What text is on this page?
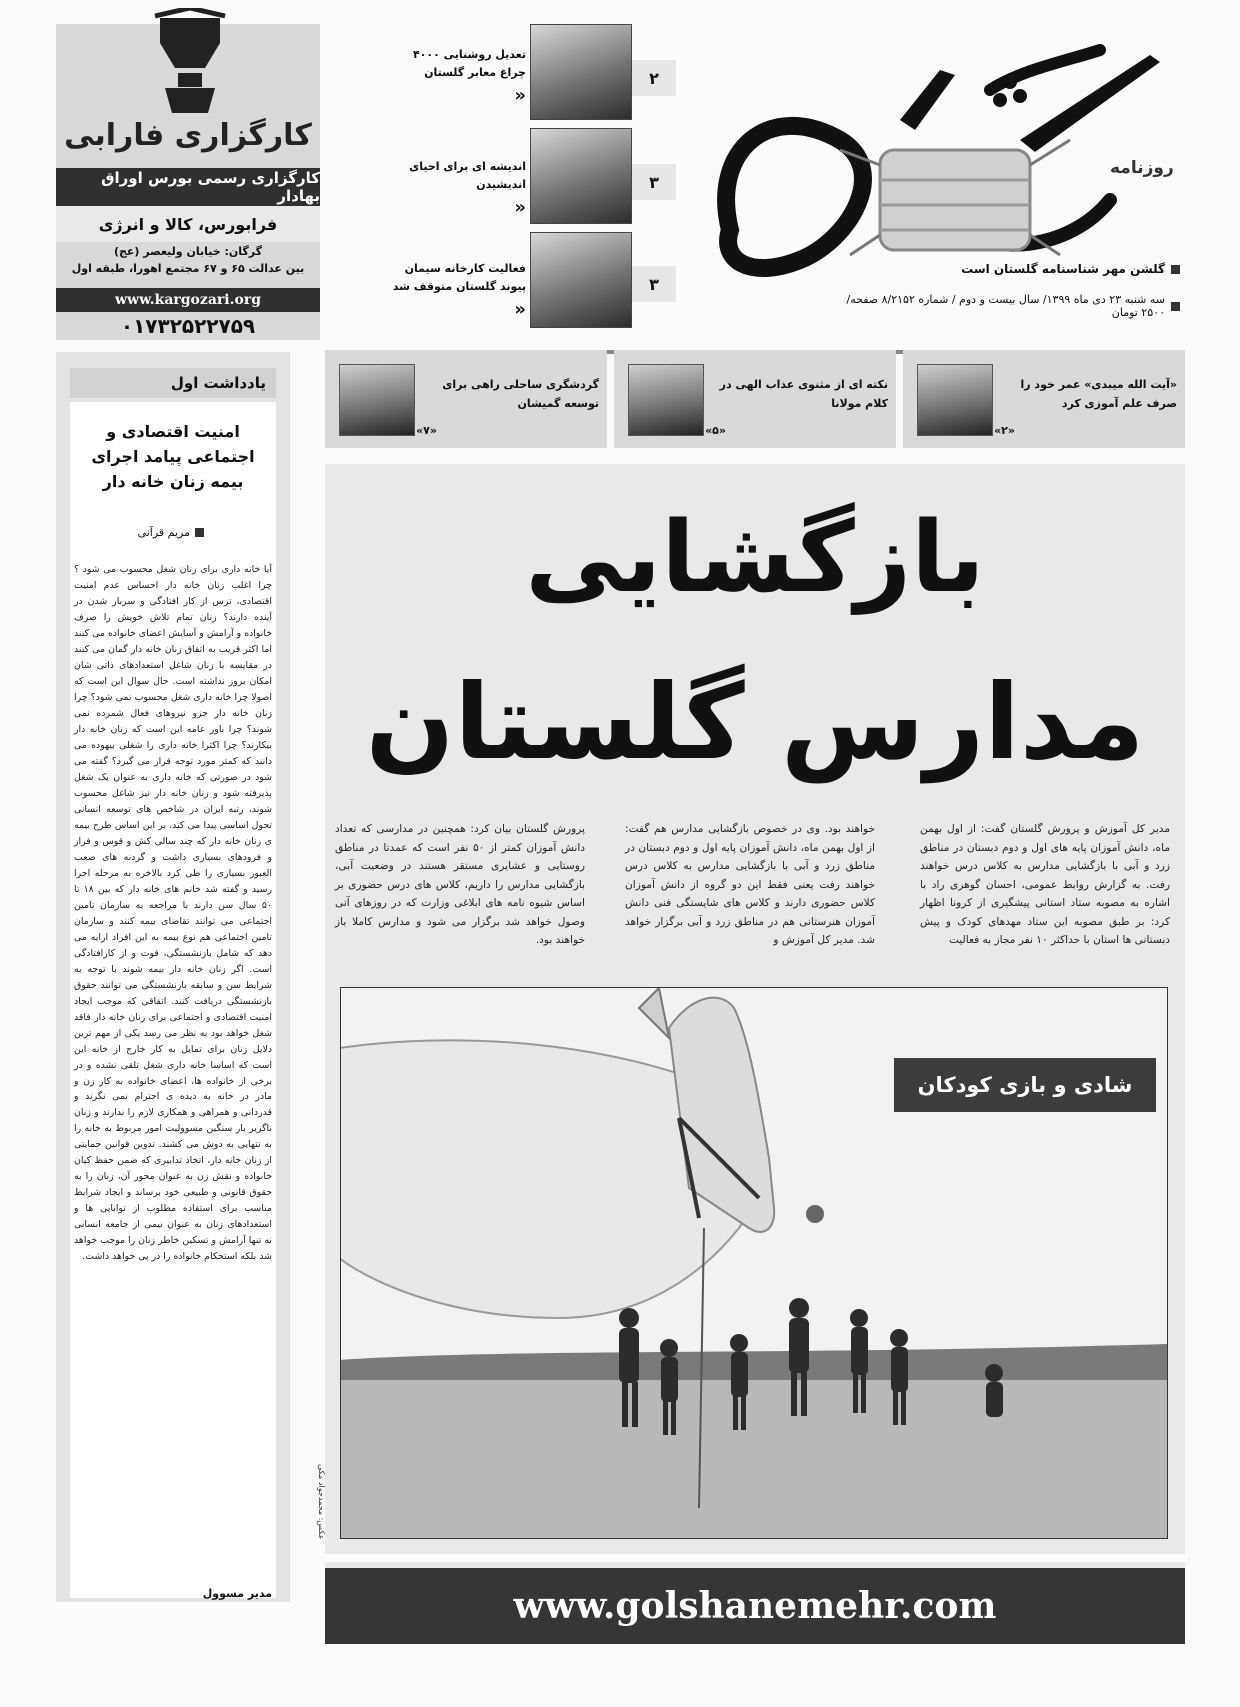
روزنامه
گلشن مهر شناسنامه گلستان است
سه شنبه ۲۳ دی ماه ۱۳۹۹/ سال بیست و دوم / شماره ۸/۲۱۵۲ صفحه/ ۲۵۰۰ تومان
۲
تعدیل روشنایی ۴۰۰۰ چراغ معابر گلستان
«
۳
اندیشه ای برای احیای اندیشیدن
«
۳
فعالیت کارخانه سیمان پیوند گلستان متوقف شد
«
کارگزاری فارابی
کارگزاری رسمی بورس اوراق بهادار
فرابورس، کالا و انرژی
گرگان: خیابان ولیعصر (عج)
بین عدالت ۶۵ و ۶۷ مجتمع اهورا، طبقه اول
www.kargozari.org
۰۱۷۳۲۵۲۲۷۵۹
یادداشت اول
امنیت اقتصادی و اجتماعی پیامد اجرای بیمه زنان خانه دار
مریم قرآنی
آیا خانه داری برای زنان شغل محسوب می شود ؟ چرا اغلب زنان خانه دار احساس عدم امنیت اقتصادی، ترس از کار افتادگی و سربار شدن در آینده دارند؟ زنان تمام تلاش خویش را صرف خانواده و آرامش و آسایش اعضای خانواده می کنند اما اکثر قریب به اتفاق زنان خانه دار گمان می کنند در مقایسه با زنان شاغل استعدادهای ذاتی شان امکان بروز نداشته است. حال سوال این است که اصولا چرا خانه داری شغل محسوب نمی شود؟ چرا زنان خانه دار جزو نیروهای فعال شمرده نمی شوند؟ چرا باور عامه این است که زنان خانه دار بیکارند؟ چرا اکثرا خانه داری را شغلی بیهوده می دانند که کمتر مورد توجه قرار می گیرد؟ گفته می شود در صورتی که خانه داری به عنوان یک شغل پذیرفته شود و زنان خانه دار نیز شاغل محسوب شوند، رتبه ایران در شاخص های توسعه انسانی تحول اساسی پیدا می کند. بر این اساس طرح بیمه ی زنان خانه دار که چند سالی کش و قوس و فراز و فرودهای بسیاری داشت و گردنه های صعب العبور بسیاری را طی کرد بالاخره به مرحله اجرا رسید و گفته شد خانم های خانه دار که بین ۱۸ تا ۵۰ سال سن دارند با مراجعه به سازمان تامین اجتماعی می توانند تقاضای بیمه کنند و سازمان تامین اجتماعی هم نوع بیمه به این افراد ارایه می دهد که شامل بازنشستگی، فوت و از کارافتادگی است. اگر زنان خانه دار بیمه شوند با توجه به شرایط سن و سابقه بازنشستگی می توانند حقوق بازنشستگی دریافت کنند. اتفاقی که موجب ایجاد امنیت اقتصادی و اجتماعی برای زنان خانه دار فاقد شغل خواهد بود به نظر می رسد یکی از مهم ترین دلایل زنان برای تمایل به کار خارج از خانه این است که اساسا خانه داری شغل تلقی نشده و در برخی از خانواده ها، اعضای خانواده به کار زن و مادر در خانه به دیده ی احترام نمی نگرند و قدردانی و همراهی و همکاری لازم را ندارند و زنان ناگزیر بار سنگین مسوولیت امور مربوط به خانه را به تنهایی به دوش می کشند. تدوین قوانین حمایتی از زنان خانه دار، اتخاذ تدابیری که ضمن حفظ کیان خانواده و نقش زن به عنوان محور آن، زنان را به حقوق قانونی و طبیعی خود برساند و ایجاد شرایط مناسب برای استفاده مطلوب از توانایی ها و استعدادهای زنان به عنوان نیمی از جامعه انسانی نه تنها آرامش و تسکین خاطر زنان را موجب خواهد شد بلکه استحکام خانواده را در پی خواهد داشت.
مدیر مسوول
«آیت الله میبدی» عمر خود را صرف علم آموزی کرد
«۲»
نکته ای از مثنوی عذاب الهی در کلام مولانا
«۵»
گردشگری ساحلی راهی برای توسعه گمیشان
«۷»
بازگشایی
مدارس گلستان
مدیر کل آموزش و پرورش گلستان گفت: از اول بهمن ماه، دانش آموزان پایه های اول و دوم دبستان در مناطق زرد و آبی با بازگشایی مدارس به کلاس درس خواهند رفت. به گزارش روابط عمومی، احسان گوهری راد با اشاره به مصوبه ستاد استانی پیشگیری از کرونا اظهار کرد: بر طبق مصوبه این ستاد مهدهای کودک و پیش دبستانی ها استان با حداکثر ۱۰ نفر مجاز به فعالیت
خواهند بود. وی در خصوص بازگشایی مدارس هم گفت: از اول بهمن ماه، دانش آموزان پایه اول و دوم دبستان در مناطق زرد و آبی با بازگشایی مدارس به کلاس درس خواهند رفت یعنی فقط این دو گروه از دانش آموزان کلاس حضوری دارند و کلاس های شایستگی فنی دانش آموزان هنرستانی هم در مناطق زرد و آبی برگزار خواهد شد. مدیر کل آموزش و
پرورش گلستان بیان کرد: همچنین در مدارسی که تعداد دانش آموزان کمتر از ۵۰ نفر است که عمدتا در مناطق روستایی و عشایری مستقر هستند در وضعیت آبی، بازگشایی مدارس را داریم، کلاس های درس حضوری بر اساس شیوه نامه های ابلاغی وزارت که در روزهای آتی وصول خواهد شد برگزار می شود و مدارس کاملا باز خواهند بود.
شادی و بازی کودکان
عکس: محمدجواد مکی
www.golshanemehr.com
